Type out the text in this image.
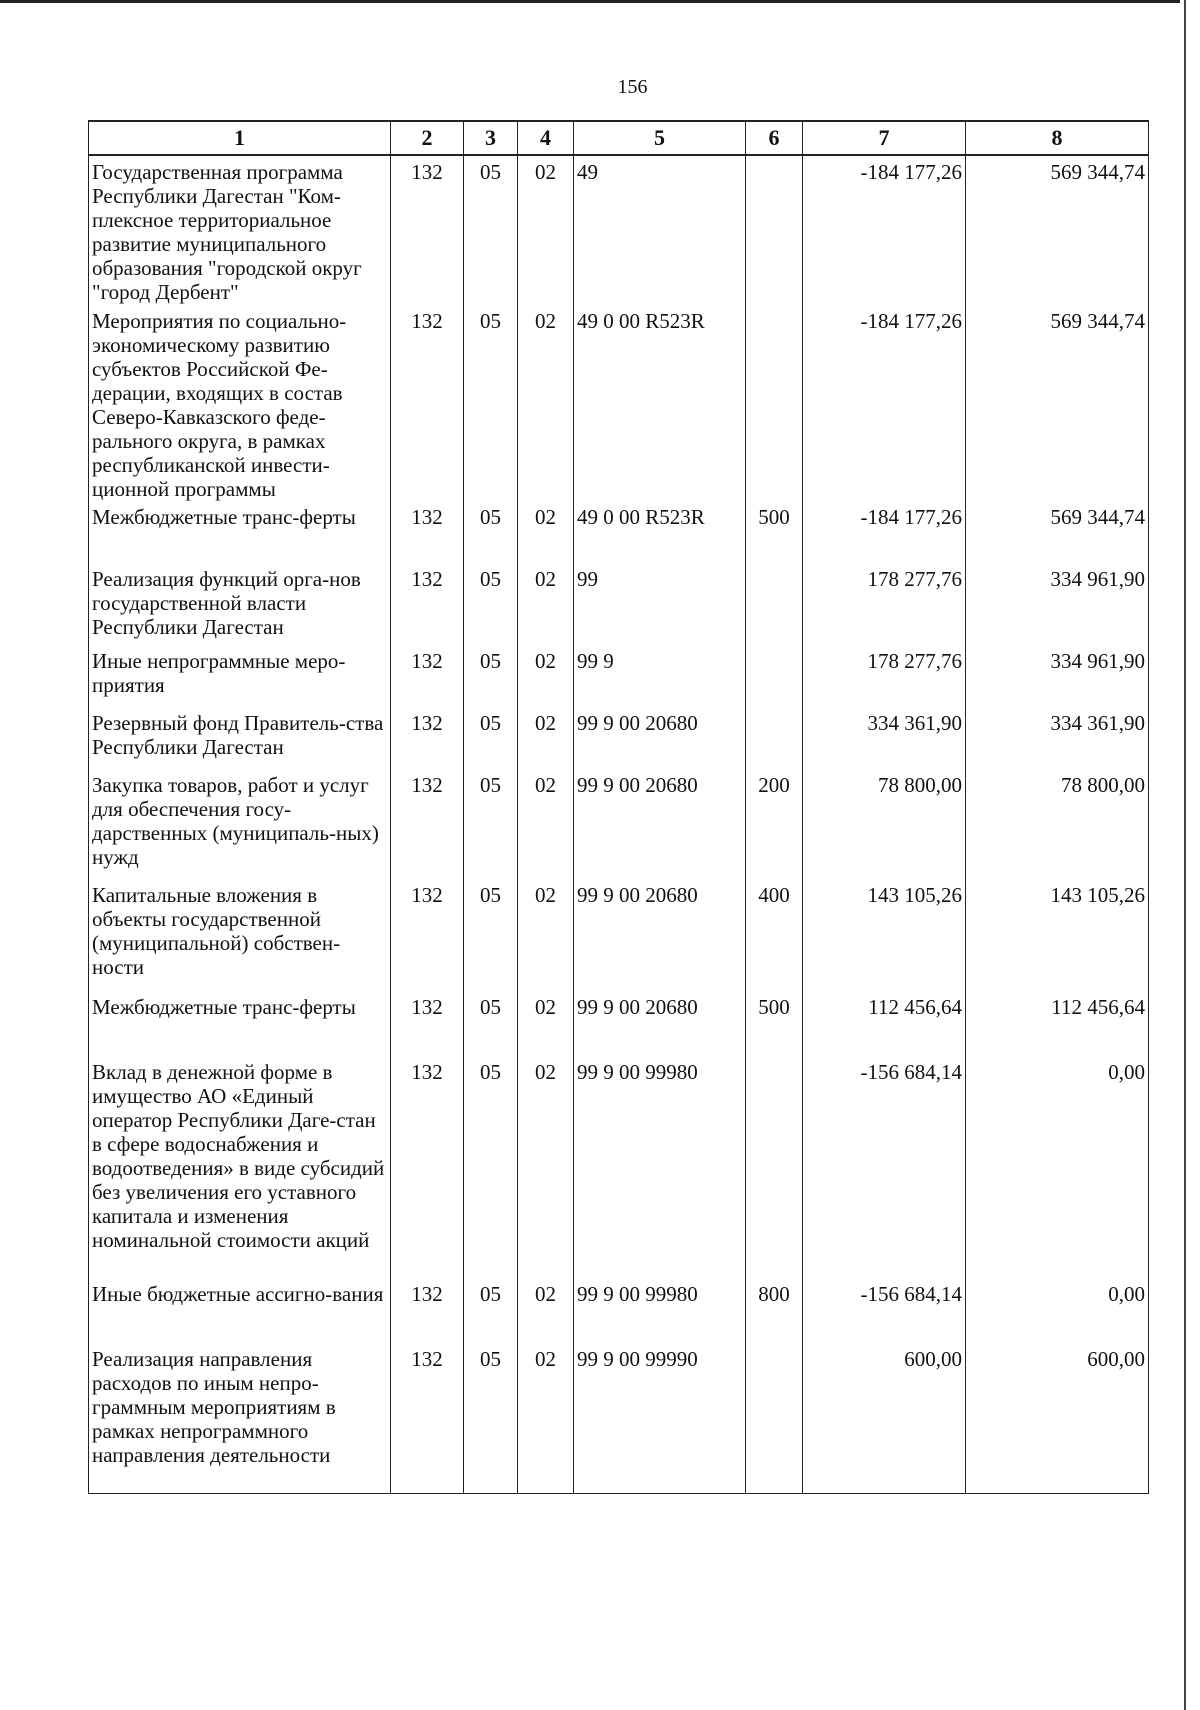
156
1	2	3	4	5	6	7	8
Государственная программа Республики Дагестан "Ком-плексное территориальное развитие муниципального образования "городской округ "город Дербент"	132	05	02	49		-184 177,26	569 344,74
Мероприятия по социально-экономическому развитию субъектов Российской Фе-дерации, входящих в состав Северо-Кавказского феде-рального округа, в рамках республиканской инвести-ционной программы	132	05	02	49 0 00 R523R		-184 177,26	569 344,74
Межбюджетные транс-ферты	132	05	02	49 0 00 R523R	500	-184 177,26	569 344,74
Реализация функций орга-нов государственной власти Республики Дагестан	132	05	02	99		178 277,76	334 961,90
Иные непрограммные меро-приятия	132	05	02	99 9		178 277,76	334 961,90
Резервный фонд Правитель-ства Республики Дагестан	132	05	02	99 9 00 20680		334 361,90	334 361,90
Закупка товаров, работ и услуг для обеспечения госу-дарственных (муниципаль-ных) нужд	132	05	02	99 9 00 20680	200	78 800,00	78 800,00
Капитальные вложения в объекты государственной (муниципальной) собствен-ности	132	05	02	99 9 00 20680	400	143 105,26	143 105,26
Межбюджетные транс-ферты	132	05	02	99 9 00 20680	500	112 456,64	112 456,64
Вклад в денежной форме в имущество АО «Единый оператор Республики Даге-стан в сфере водоснабжения и водоотведения» в виде субсидий без увеличения его уставного капитала и изменения номинальной стоимости акций	132	05	02	99 9 00 99980		-156 684,14	0,00
Иные бюджетные ассигно-вания	132	05	02	99 9 00 99980	800	-156 684,14	0,00
Реализация направления расходов по иным непро-граммным мероприятиям в рамках непрограммного направления деятельности	132	05	02	99 9 00 99990		600,00	600,00
